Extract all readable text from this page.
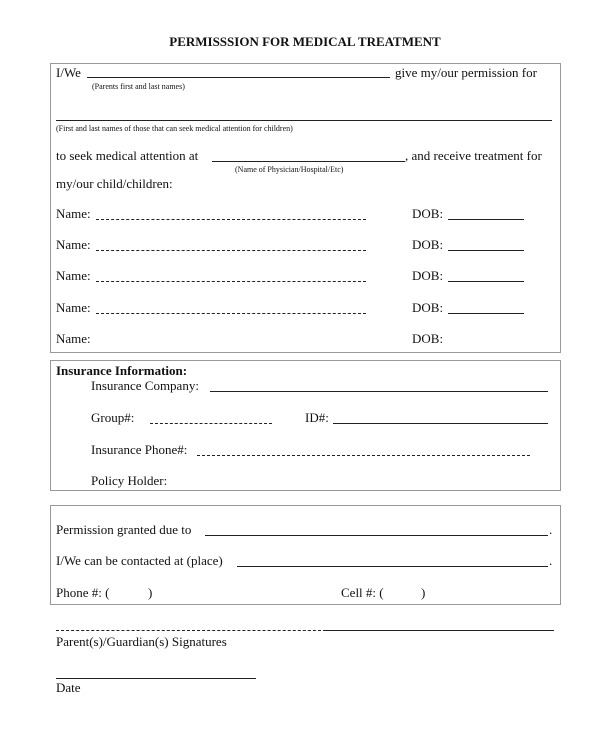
PERMISSSION FOR MEDICAL TREATMENT
I/We	give my/our permission for
(Parents first and last names)
(First and last names of those that can seek medical attention for children)
to seek medical attention at	, and receive treatment for
(Name of Physician/Hospital/Etc)
my/our child/children:
Name:	DOB:
Name:	DOB:
Name:	DOB:
Name:	DOB:
Name:	DOB:
Insurance Information:
Insurance Company:
Group#:	ID#:
Insurance Phone#:
Policy Holder:
Permission granted due to	.
I/We can be contacted at (place)	.
Phone #: (	)	Cell #: (	)
Parent(s)/Guardian(s) Signatures
Date
